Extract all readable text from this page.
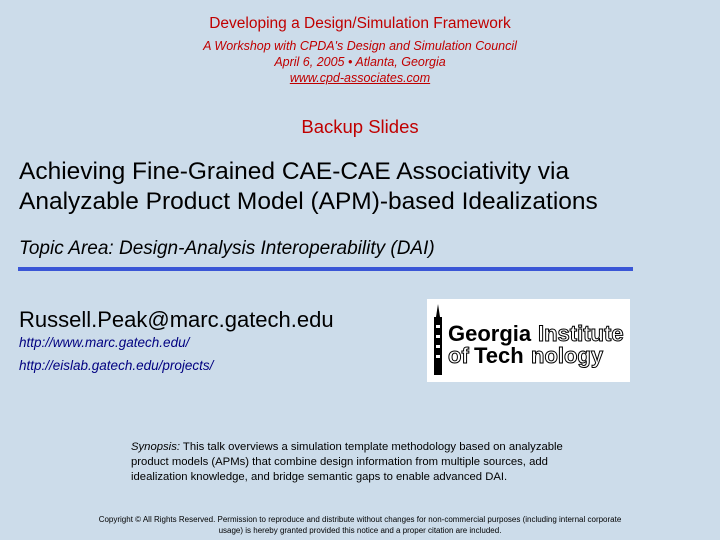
Developing a Design/Simulation Framework
A Workshop with CPDA's Design and Simulation Council
April 6, 2005 • Atlanta, Georgia
www.cpd-associates.com
Backup Slides
Achieving Fine-Grained CAE-CAE Associativity via
Analyzable Product Model (APM)-based Idealizations
Topic Area: Design-Analysis Interoperability (DAI)
Russell.Peak@marc.gatech.edu
http://www.marc.gatech.edu/
http://eislab.gatech.edu/projects/
Georgia Institute
of Tech nology
Synopsis: This talk overviews a simulation template methodology based on analyzable product models (APMs) that combine design information from multiple sources, add idealization knowledge, and bridge semantic gaps to enable advanced DAI.
Copyright © All Rights Reserved. Permission to reproduce and distribute without changes for non-commercial purposes (including internal corporate usage) is hereby granted provided this notice and a proper citation are included.
